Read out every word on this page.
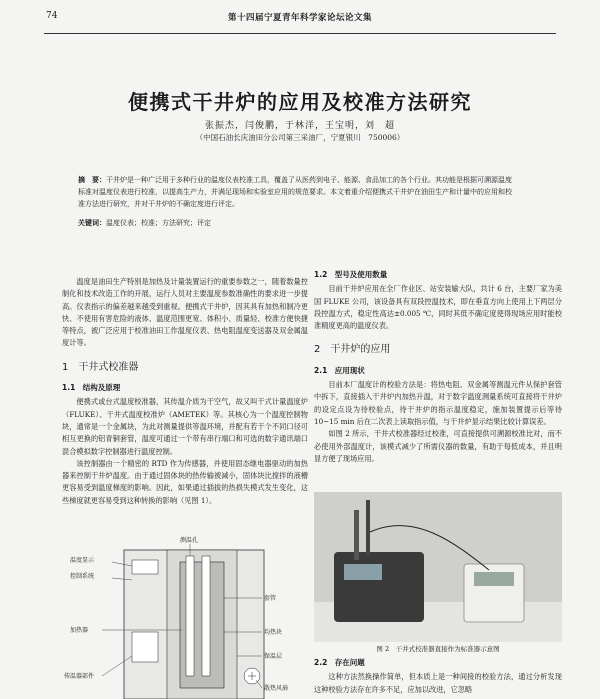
74	第十四届宁夏青年科学家论坛论文集
便携式干井炉的应用及校准方法研究
张振杰，闫俊鹏，于林洋，王宝明，刘　超
（中国石油长庆油田分公司第三采油厂，宁夏银川　750006）
摘　要：干井炉是一种广泛用于多种行业的温度仪表校准工具，覆盖了从医药到电子、能源、食品加工的各个行业。其功能是根据可溯源温度标准对温度仪表进行校准，以提高生产力，并满足现场和实验室应用的规范要求。本文着重介绍便携式干井炉在油田生产和计量中的应用和校准方法进行研究，并对干井炉的不确定度进行评定。
关键词：温度仪表；校准；方法研究；评定

温度是油田生产特别是加热及计量装置运行的重要参数之一，随着数量控制化和技术改造工作的开展，运行人员对主要温度参数准确性的要求进一步提高。仪表指示的偏差越来越受到重视。便携式干井炉，因其具有加热和制冷更快、不使用有害危险的液体、温度范围更宽、体积小、质量轻、校准方便快捷等特点，被广泛应用于校准油田工作温度仪表、热电阻温度变送器及双金属温度计等。

1　干井式校准器
1.1　结构及原理

便携式或台式温度校准器，其传温介质为干空气，故又叫干式计量温度炉（FLUKE）、干井式温度校准炉（AMETEK）等。其核心为一个温度控制物块，通常是一个金属块，为此对测量提供等温环境，并配有若干个不同口径可相互更换的铝青铜套管，温度可通过一个带有串行端口和可选的数字通讯端口混合模拟数字控制器进行温度控制。

该控制器由一个精密的 RTD 作为传感器，并使用固态继电器驱动的加热器来控制干井炉温度。由于通过固体块的热传输被减小，固体块比搅拌的液槽更容易受到温度梯度的影响。因此，如果通过插拔的热损失模式发生变化，这些梯度就更容易受到这种转换的影响（见图 1）。

测温孔
温度显示
控制系统
套管
加热器	均热块
保温层
传温器部件
散热风扇
1.2　型号及使用数量

目前干井炉应用在全厂作业区、站安装输大队，共计 6 台，主要厂家为美国 FLUKE 公司，该设备具有双段控温技术，即在垂直方向上使用上下两层分段控温方式，稳定性高达±0.005 ℃，同时其低不确定度使得现场应用时能校准精度更高的温度仪表。

2　干井炉的应用
2.1　应用现状

目前本厂温度计的校验方法是：将热电阻、双金属等测温元件从保护套管中拆下，直接插入干井炉内加热升温，对于数字温度测量系统可直接将干井炉的设定点设为待校验点，待干井炉的指示温度稳定，施加装置提示后等待 10~15 min 后在二次表上读取指示值，与干井炉显示结果比较计算误差。

如图 2 所示，干井式校准器经过校准，可直接提供可溯源校准比对，而不必使用外部温度计，该模式减少了所需仪器的数量，有助于每低成本，并且明显方便了现场应用。

图 2　干井式校准器直接作为标准器示意图
2.2　存在问题

这种方法然换操作简单，但本质上是一种间接的校验方法，通过分析发现这种校验方法存在许多不足，应加以改进，它忽略
